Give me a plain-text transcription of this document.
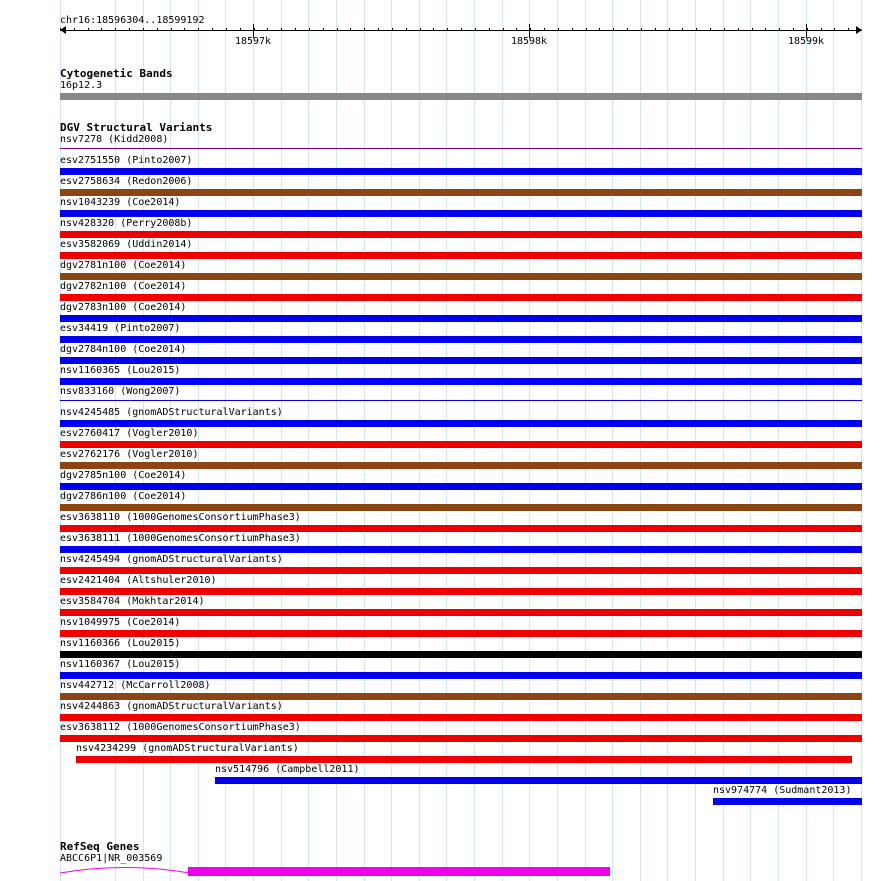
chr16:18596304..18599192
18597k	18598k	18599k
Cytogenetic Bands
16p12.3
DGV Structural Variants
nsv7278 (Kidd2008)
esv2751550 (Pinto2007)
esv2758634 (Redon2006)
nsv1043239 (Coe2014)
nsv428320 (Perry2008b)
esv3582069 (Uddin2014)
dgv2781n100 (Coe2014)
dgv2782n100 (Coe2014)
dgv2783n100 (Coe2014)
esv34419 (Pinto2007)
dgv2784n100 (Coe2014)
nsv1160365 (Lou2015)
nsv833160 (Wong2007)
nsv4245485 (gnomADStructuralVariants)
esv2760417 (Vogler2010)
esv2762176 (Vogler2010)
dgv2785n100 (Coe2014)
dgv2786n100 (Coe2014)
esv3638110 (1000GenomesConsortiumPhase3)
esv3638111 (1000GenomesConsortiumPhase3)
nsv4245494 (gnomADStructuralVariants)
esv2421404 (Altshuler2010)
esv3584704 (Mokhtar2014)
nsv1049975 (Coe2014)
nsv1160366 (Lou2015)
nsv1160367 (Lou2015)
nsv442712 (McCarroll2008)
nsv4244863 (gnomADStructuralVariants)
esv3638112 (1000GenomesConsortiumPhase3)
nsv4234299 (gnomADStructuralVariants)
nsv514796 (Campbell2011)
nsv974774 (Sudmant2013)
RefSeq Genes
ABCC6P1|NR_003569
